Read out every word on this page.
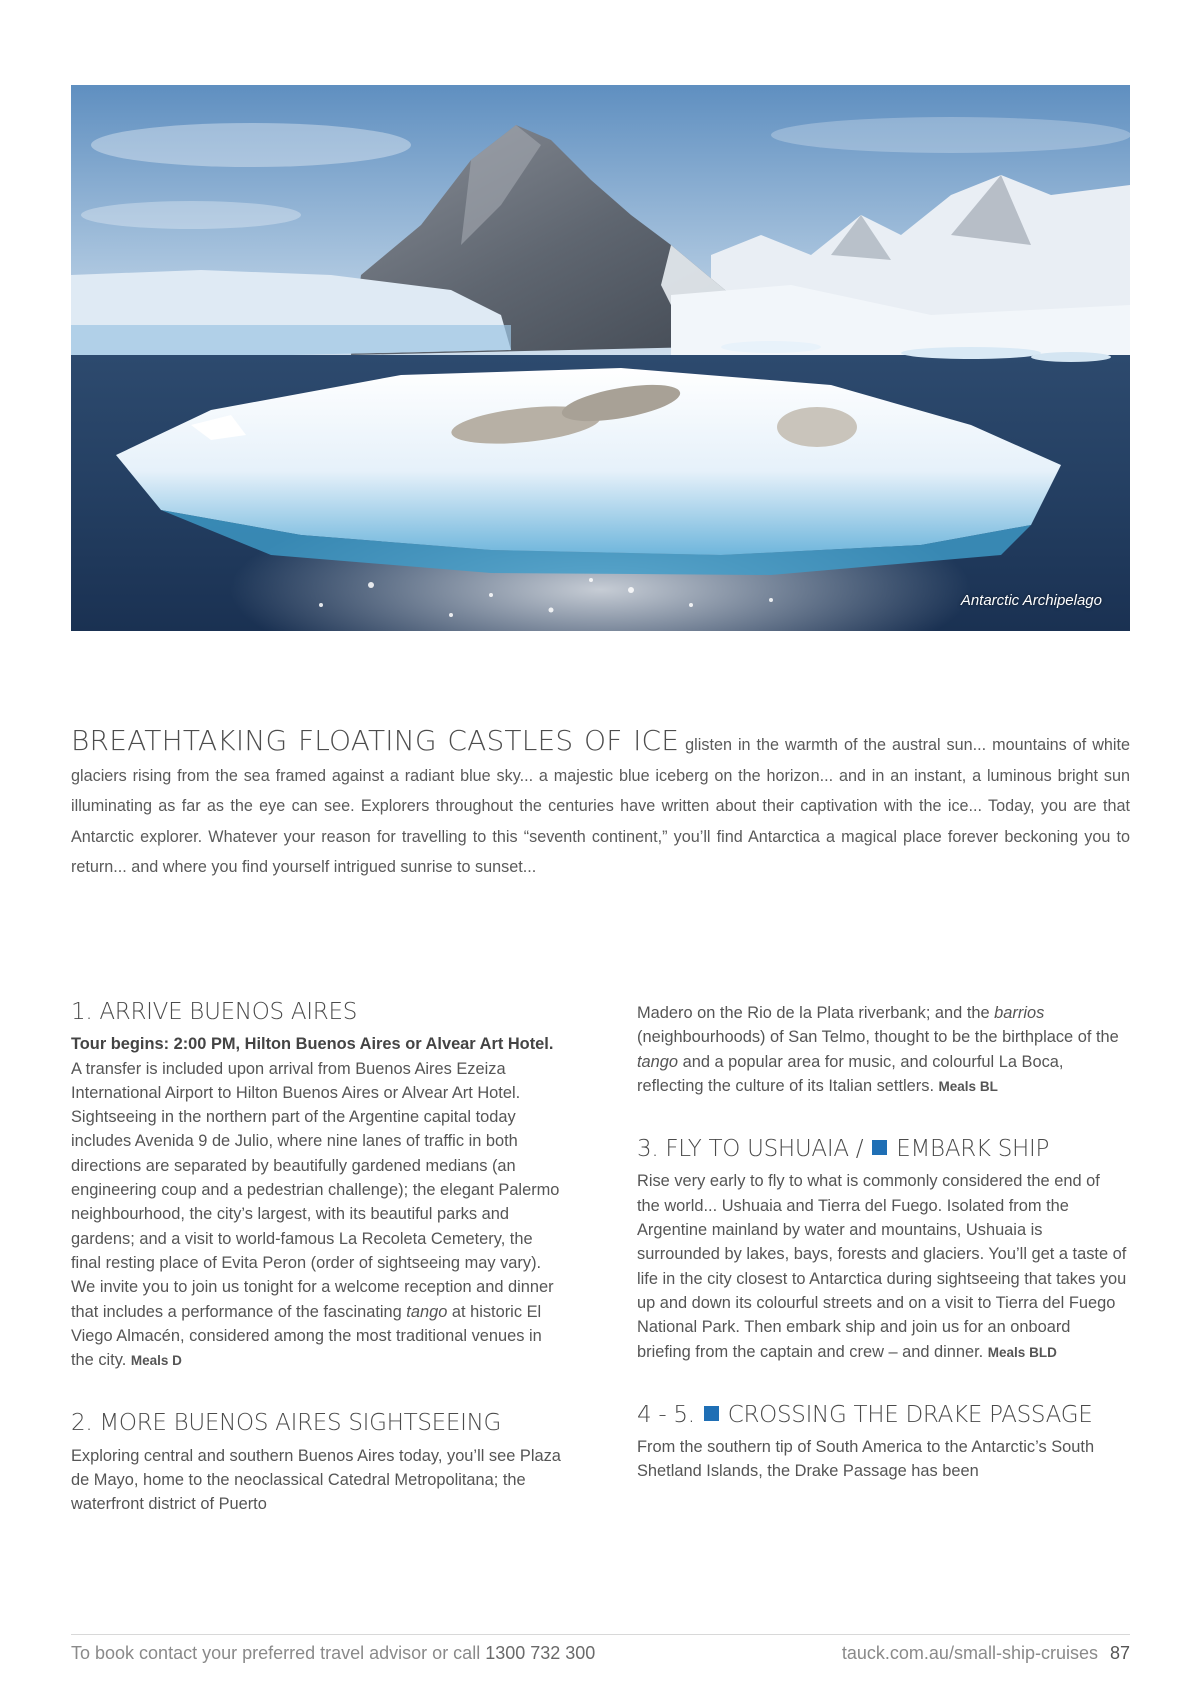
Antarctic Archipelago
BREATHTAKING FLOATING CASTLES OF ICE glisten in the warmth of the austral sun... mountains of white glaciers rising from the sea framed against a radiant blue sky... a majestic blue iceberg on the horizon... and in an instant, a luminous bright sun illuminating as far as the eye can see. Explorers throughout the centuries have written about their captivation with the ice... Today, you are that Antarctic explorer. Whatever your reason for travelling to this “seventh continent,” you’ll find Antarctica a magical place forever beckoning you to return... and where you find yourself intrigued sunrise to sunset...
1. ARRIVE BUENOS AIRES

Tour begins: 2:00 PM, Hilton Buenos Aires or Alvear Art Hotel. A transfer is included upon arrival from Buenos Aires Ezeiza International Airport to Hilton Buenos Aires or Alvear Art Hotel. Sightseeing in the northern part of the Argentine capital today includes Avenida 9 de Julio, where nine lanes of traffic in both directions are separated by beautifully gardened medians (an engineering coup and a pedestrian challenge); the elegant Palermo neighbourhood, the city’s largest, with its beautiful parks and gardens; and a visit to world-famous La Recoleta Cemetery, the final resting place of Evita Peron (order of sightseeing may vary). We invite you to join us tonight for a welcome reception and dinner that includes a performance of the fascinating tango at historic El Viego Almacén, considered among the most traditional venues in the city. Meals D

2. MORE BUENOS AIRES SIGHTSEEING

Exploring central and southern Buenos Aires today, you’ll see Plaza de Mayo, home to the neoclassical Catedral Metropolitana; the waterfront district of Puerto

Madero on the Rio de la Plata riverbank; and the barrios (neighbourhoods) of San Telmo, thought to be the birthplace of the tango and a popular area for music, and colourful La Boca, reflecting the culture of its Italian settlers. Meals BL

3. FLY TO USHUAIA /  EMBARK SHIP

Rise very early to fly to what is commonly considered the end of the world... Ushuaia and Tierra del Fuego. Isolated from the Argentine mainland by water and mountains, Ushuaia is surrounded by lakes, bays, forests and glaciers. You’ll get a taste of life in the city closest to Antarctica during sightseeing that takes you up and down its colourful streets and on a visit to Tierra del Fuego National Park. Then embark ship and join us for an onboard briefing from the captain and crew – and dinner. Meals BLD

4 - 5.  CROSSING THE DRAKE PASSAGE

From the southern tip of South America to the Antarctic’s South Shetland Islands, the Drake Passage has been

To book contact your preferred travel advisor or call 1300 732 300	tauck.com.au/small-ship-cruises 87
